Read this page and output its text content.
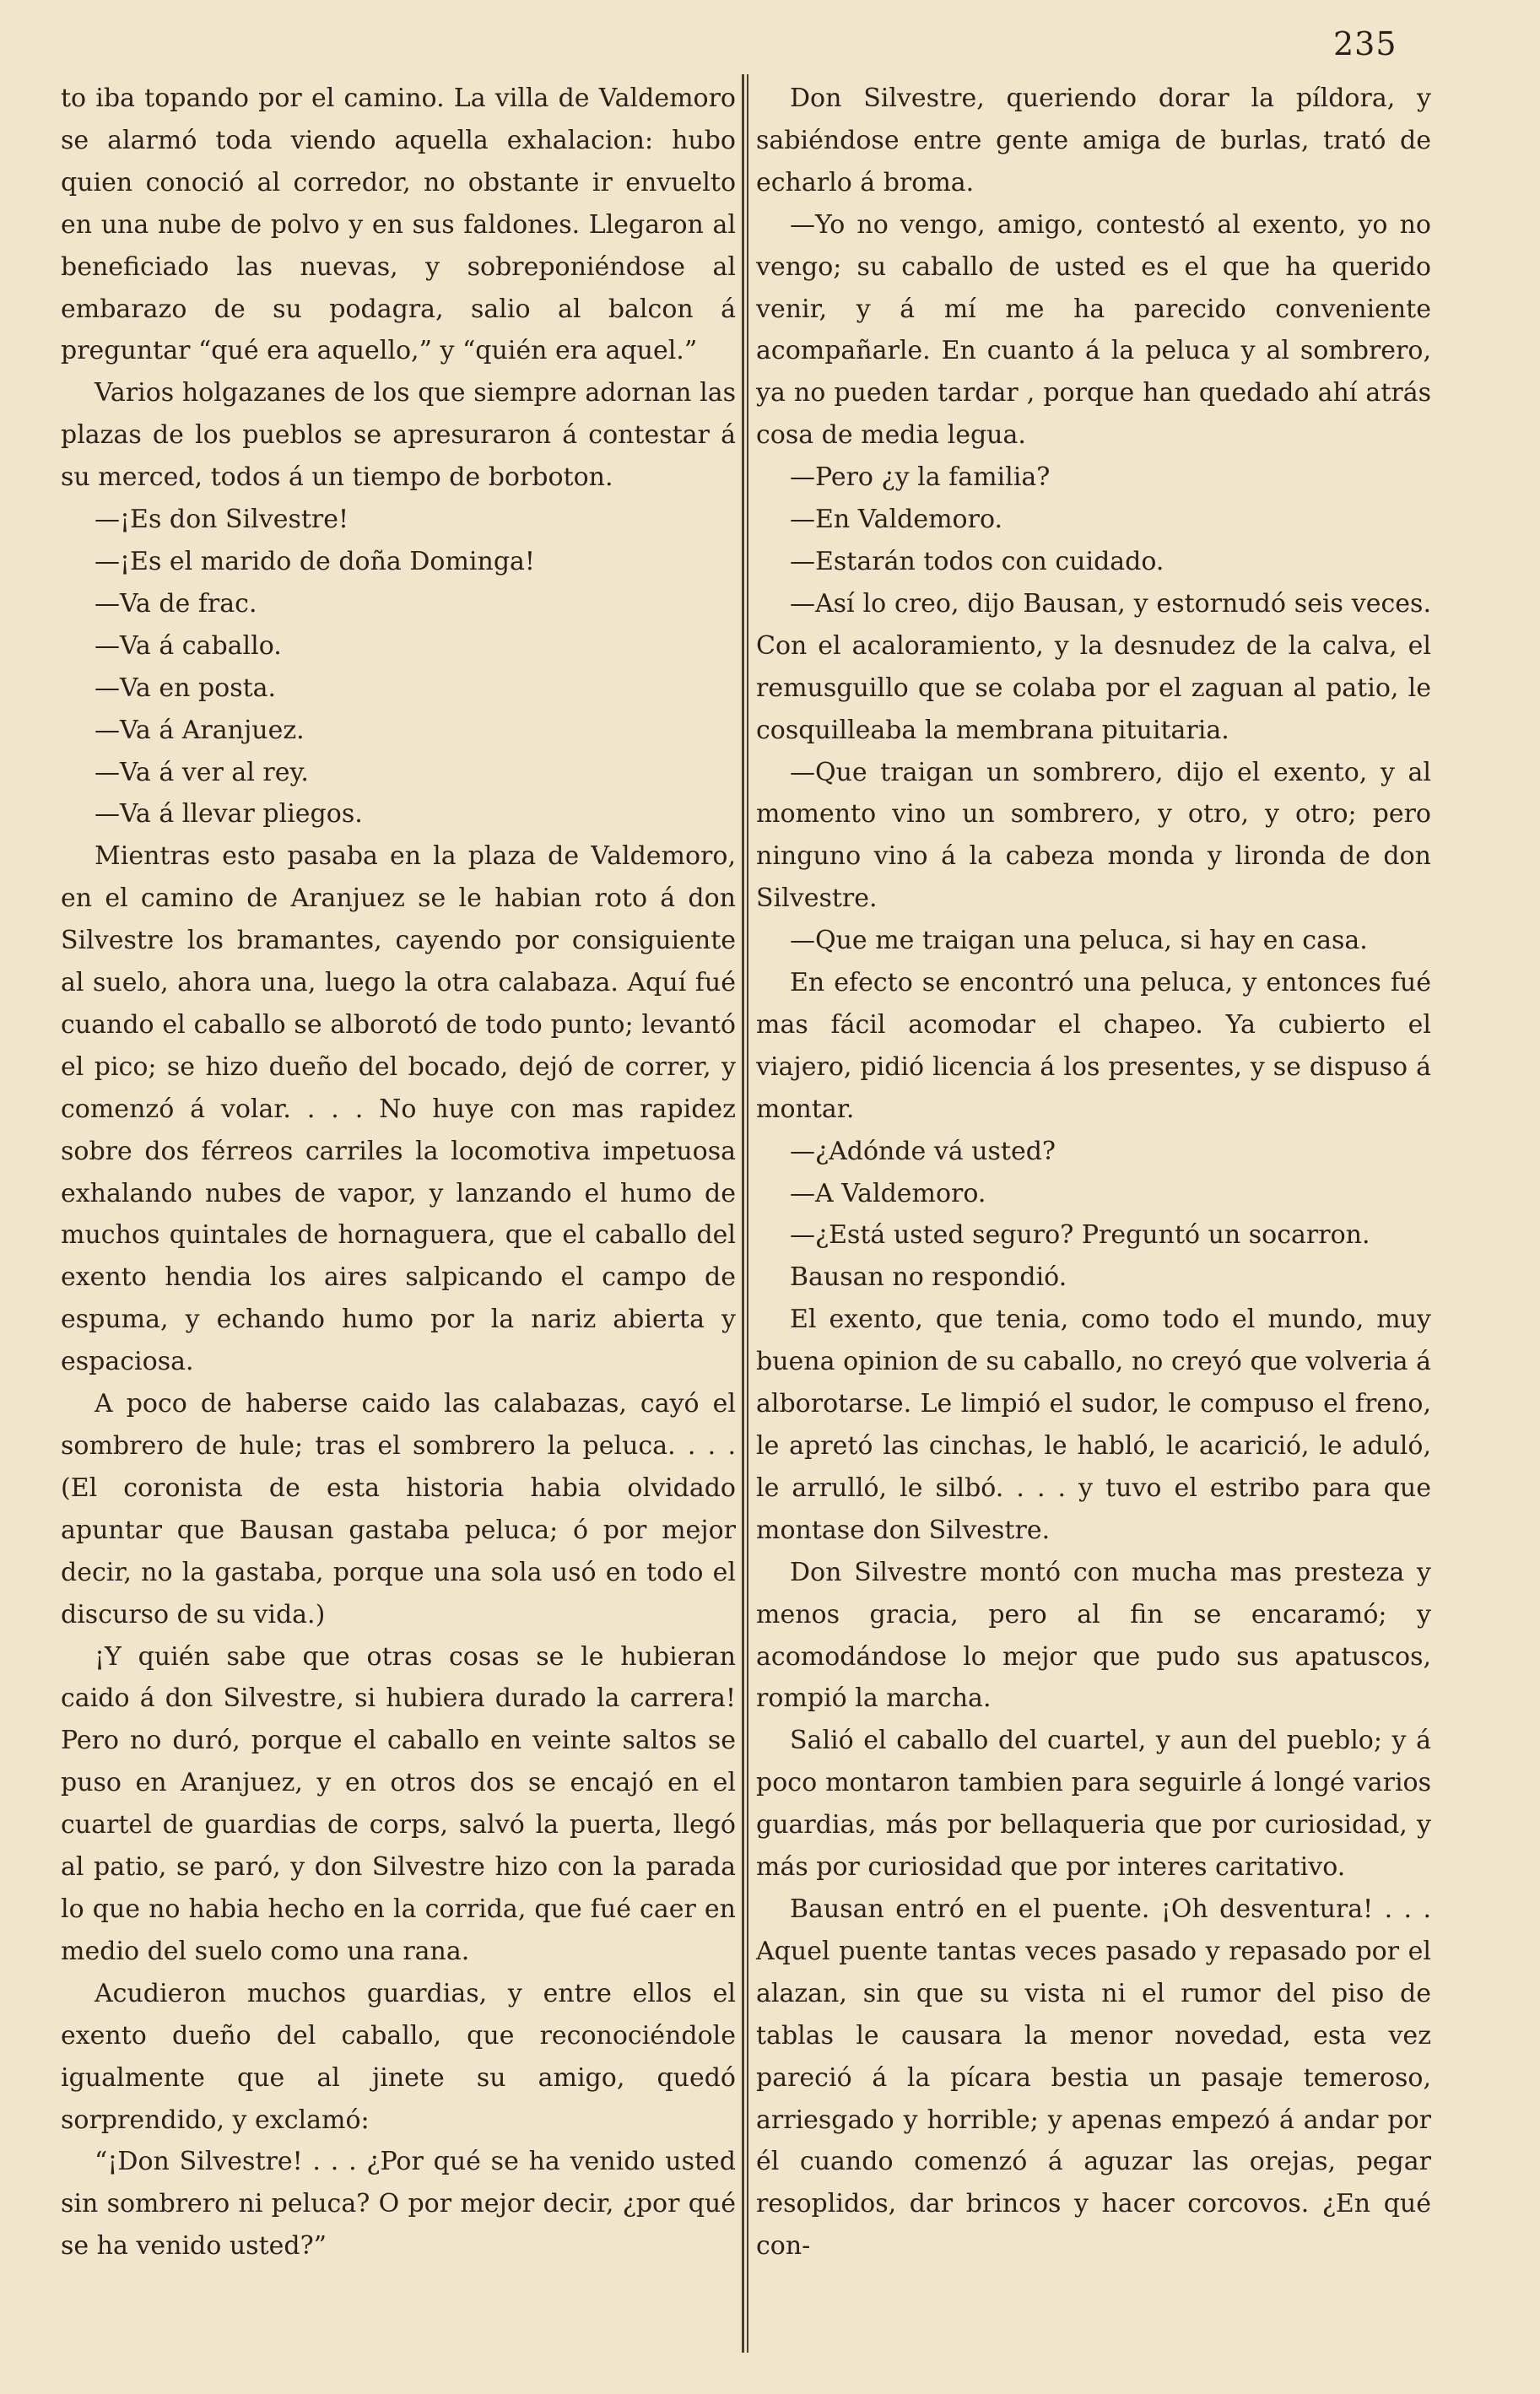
235

to iba topando por el camino. La villa de Valdemoro se alarmó toda viendo aquella exhalacion: hubo quien conoció al corredor, no obstante ir envuelto en una nube de polvo y en sus faldones. Llegaron al beneficiado las nuevas, y sobreponiéndose al embarazo de su podagra, salio al balcon á preguntar “qué era aquello,” y “quién era aquel.”

Varios holgazanes de los que siempre adornan las plazas de los pueblos se apresuraron á contestar á su merced, todos á un tiempo de borboton.

—¡Es don Silvestre!

—¡Es el marido de doña Dominga!

—Va de frac.

—Va á caballo.

—Va en posta.

—Va á Aranjuez.

—Va á ver al rey.

—Va á llevar pliegos.

Mientras esto pasaba en la plaza de Valdemoro, en el camino de Aranjuez se le habian roto á don Silvestre los bramantes, cayendo por consiguiente al suelo, ahora una, luego la otra calabaza. Aquí fué cuando el caballo se alborotó de todo punto; levantó el pico; se hizo dueño del bocado, dejó de correr, y comenzó á volar. . . . No huye con mas rapidez sobre dos férreos carriles la locomotiva impetuosa exhalando nubes de vapor, y lanzando el humo de muchos quintales de hornaguera, que el caballo del exento hendia los aires salpicando el campo de espuma, y echando humo por la nariz abierta y espaciosa.

A poco de haberse caido las calabazas, cayó el sombrero de hule; tras el sombrero la peluca. . . . (El coronista de esta historia habia olvidado apuntar que Bausan gastaba peluca; ó por mejor decir, no la gastaba, porque una sola usó en todo el discurso de su vida.)

¡Y quién sabe que otras cosas se le hubieran caido á don Silvestre, si hubiera durado la carrera! Pero no duró, porque el caballo en veinte saltos se puso en Aranjuez, y en otros dos se encajó en el cuartel de guardias de corps, salvó la puerta, llegó al patio, se paró, y don Silvestre hizo con la parada lo que no habia hecho en la corrida, que fué caer en medio del suelo como una rana.

Acudieron muchos guardias, y entre ellos el exento dueño del caballo, que reconociéndole igualmente que al jinete su amigo, quedó sorprendido, y exclamó:

“¡Don Silvestre! . . . ¿Por qué se ha venido usted sin sombrero ni peluca? O por mejor decir, ¿por qué se ha venido usted?”

Don Silvestre, queriendo dorar la píldora, y sabiéndose entre gente amiga de burlas, trató de echarlo á broma.

—Yo no vengo, amigo, contestó al exento, yo no vengo; su caballo de usted es el que ha querido venir, y á mí me ha parecido conveniente acompañarle. En cuanto á la peluca y al sombrero, ya no pueden tardar , porque han quedado ahí atrás cosa de media legua.

—Pero ¿y la familia?

—En Valdemoro.

—Estarán todos con cuidado.

—Así lo creo, dijo Bausan, y estornudó seis veces. Con el acaloramiento, y la desnudez de la calva, el remusguillo que se colaba por el zaguan al patio, le cosquilleaba la membrana pituitaria.

—Que traigan un sombrero, dijo el exento, y al momento vino un sombrero, y otro, y otro; pero ninguno vino á la cabeza monda y lironda de don Silvestre.

—Que me traigan una peluca, si hay en casa.

En efecto se encontró una peluca, y entonces fué mas fácil acomodar el chapeo. Ya cubierto el viajero, pidió licencia á los presentes, y se dispuso á montar.

—¿Adónde vá usted?

—A Valdemoro.

—¿Está usted seguro? Preguntó un socarron.

Bausan no respondió.

El exento, que tenia, como todo el mundo, muy buena opinion de su caballo, no creyó que volveria á alborotarse. Le limpió el sudor, le compuso el freno, le apretó las cinchas, le habló, le acarició, le aduló, le arrulló, le silbó. . . . y tuvo el estribo para que montase don Silvestre.

Don Silvestre montó con mucha mas presteza y menos gracia, pero al fin se encaramó; y acomodándose lo mejor que pudo sus apatuscos, rompió la marcha.

Salió el caballo del cuartel, y aun del pueblo; y á poco montaron tambien para seguirle á longé varios guardias, más por bellaqueria que por curiosidad, y más por curiosidad que por interes caritativo.

Bausan entró en el puente. ¡Oh desventura! . . . Aquel puente tantas veces pasado y repasado por el alazan, sin que su vista ni el rumor del piso de tablas le causara la menor novedad, esta vez pareció á la pícara bestia un pasaje temeroso, arriesgado y horrible; y apenas empezó á andar por él cuando comenzó á aguzar las orejas, pegar resoplidos, dar brincos y hacer corcovos. ¿En qué con-
